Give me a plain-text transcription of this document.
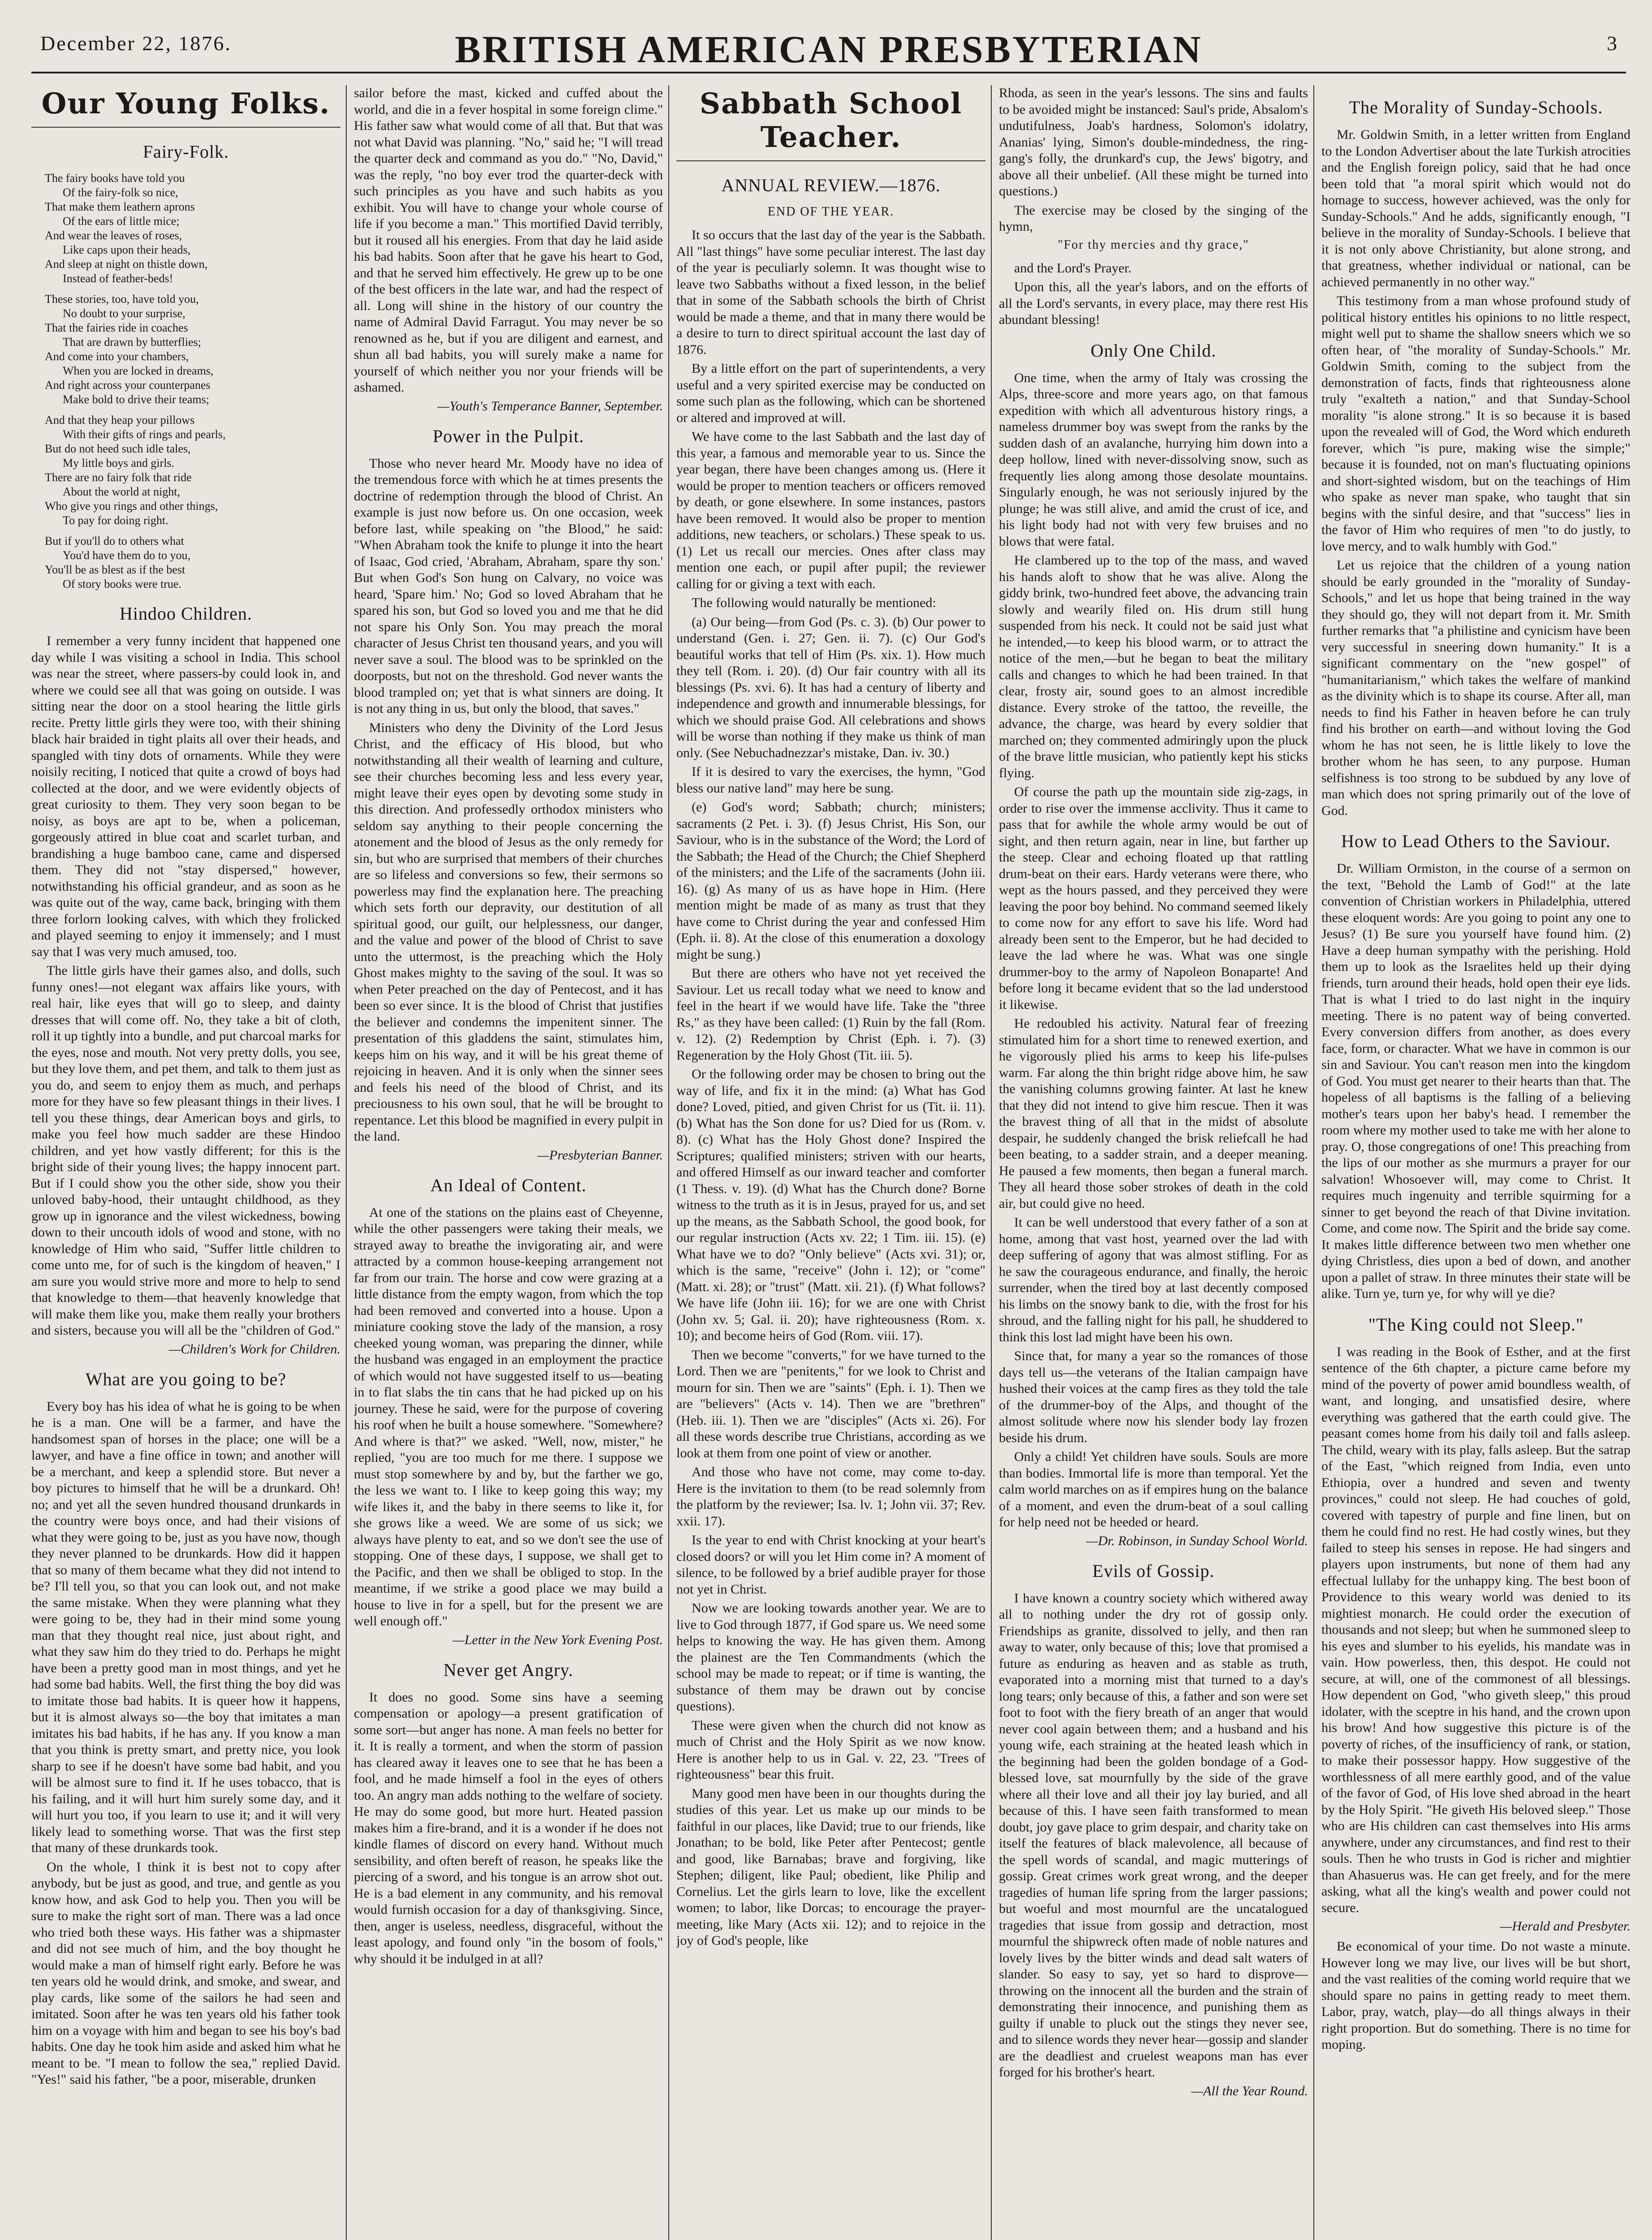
December 22, 1876.	BRITISH AMERICAN PRESBYTERIAN	3
Our Young Folks.
Fairy-Folk.
The fairy books have told you
Of the fairy-folk so nice,
That make them leathern aprons
Of the ears of little mice;
And wear the leaves of roses,
Like caps upon their heads,
And sleep at night on thistle down,
Instead of feather-beds!
These stories, too, have told you,
No doubt to your surprise,
That the fairies ride in coaches
That are drawn by butterflies;
And come into your chambers,
When you are locked in dreams,
And right across your counterpanes
Make bold to drive their teams;
And that they heap your pillows
With their gifts of rings and pearls,
But do not heed such idle tales,
My little boys and girls.
There are no fairy folk that ride
About the world at night,
Who give you rings and other things,
To pay for doing right.
But if you'll do to others what
You'd have them do to you,
You'll be as blest as if the best
Of story books were true.
Hindoo Children.

I remember a very funny incident that happened one day while I was visiting a school in India. This school was near the street, where passers-by could look in, and where we could see all that was going on outside. I was sitting near the door on a stool hearing the little girls recite. Pretty little girls they were too, with their shining black hair braided in tight plaits all over their heads, and spangled with tiny dots of ornaments. While they were noisily reciting, I noticed that quite a crowd of boys had collected at the door, and we were evidently objects of great curiosity to them. They very soon began to be noisy, as boys are apt to be, when a policeman, gorgeously attired in blue coat and scarlet turban, and brandishing a huge bamboo cane, came and dispersed them. They did not "stay dispersed," however, notwithstanding his official grandeur, and as soon as he was quite out of the way, came back, bringing with them three forlorn looking calves, with which they frolicked and played seeming to enjoy it immensely; and I must say that I was very much amused, too.

The little girls have their games also, and dolls, such funny ones!—not elegant wax affairs like yours, with real hair, like eyes that will go to sleep, and dainty dresses that will come off. No, they take a bit of cloth, roll it up tightly into a bundle, and put charcoal marks for the eyes, nose and mouth. Not very pretty dolls, you see, but they love them, and pet them, and talk to them just as you do, and seem to enjoy them as much, and perhaps more for they have so few pleasant things in their lives. I tell you these things, dear American boys and girls, to make you feel how much sadder are these Hindoo children, and yet how vastly different; for this is the bright side of their young lives; the happy innocent part. But if I could show you the other side, show you their unloved baby-hood, their untaught childhood, as they grow up in ignorance and the vilest wickedness, bowing down to their uncouth idols of wood and stone, with no knowledge of Him who said, "Suffer little children to come unto me, for of such is the kingdom of heaven," I am sure you would strive more and more to help to send that knowledge to them—that heavenly knowledge that will make them like you, make them really your brothers and sisters, because you will all be the "children of God."

—Children's Work for Children.
What are you going to be?

Every boy has his idea of what he is going to be when he is a man. One will be a farmer, and have the handsomest span of horses in the place; one will be a lawyer, and have a fine office in town; and another will be a merchant, and keep a splendid store. But never a boy pictures to himself that he will be a drunkard. Oh! no; and yet all the seven hundred thousand drunkards in the country were boys once, and had their visions of what they were going to be, just as you have now, though they never planned to be drunkards. How did it happen that so many of them became what they did not intend to be? I'll tell you, so that you can look out, and not make the same mistake. When they were planning what they were going to be, they had in their mind some young man that they thought real nice, just about right, and what they saw him do they tried to do. Perhaps he might have been a pretty good man in most things, and yet he had some bad habits. Well, the first thing the boy did was to imitate those bad habits. It is queer how it happens, but it is almost always so—the boy that imitates a man imitates his bad habits, if he has any. If you know a man that you think is pretty smart, and pretty nice, you look sharp to see if he doesn't have some bad habit, and you will be almost sure to find it. If he uses tobacco, that is his failing, and it will hurt him surely some day, and it will hurt you too, if you learn to use it; and it will very likely lead to something worse. That was the first step that many of these drunkards took.

On the whole, I think it is best not to copy after anybody, but be just as good, and true, and gentle as you know how, and ask God to help you. Then you will be sure to make the right sort of man. There was a lad once who tried both these ways. His father was a shipmaster and did not see much of him, and the boy thought he would make a man of himself right early. Before he was ten years old he would drink, and smoke, and swear, and play cards, like some of the sailors he had seen and imitated. Soon after he was ten years old his father took him on a voyage with him and began to see his boy's bad habits. One day he took him aside and asked him what he meant to be. "I mean to follow the sea," replied David. "Yes!" said his father, "be a poor, miserable, drunken

sailor before the mast, kicked and cuffed about the world, and die in a fever hospital in some foreign clime." His father saw what would come of all that. But that was not what David was planning. "No," said he; "I will tread the quarter deck and command as you do." "No, David," was the reply, "no boy ever trod the quarter-deck with such principles as you have and such habits as you exhibit. You will have to change your whole course of life if you become a man." This mortified David terribly, but it roused all his energies. From that day he laid aside his bad habits. Soon after that he gave his heart to God, and that he served him effectively. He grew up to be one of the best officers in the late war, and had the respect of all. Long will shine in the history of our country the name of Admiral David Farragut. You may never be so renowned as he, but if you are diligent and earnest, and shun all bad habits, you will surely make a name for yourself of which neither you nor your friends will be ashamed.

—Youth's Temperance Banner, September.
Power in the Pulpit.

Those who never heard Mr. Moody have no idea of the tremendous force with which he at times presents the doctrine of redemption through the blood of Christ. An example is just now before us. On one occasion, week before last, while speaking on "the Blood," he said: "When Abraham took the knife to plunge it into the heart of Isaac, God cried, 'Abraham, Abraham, spare thy son.' But when God's Son hung on Calvary, no voice was heard, 'Spare him.' No; God so loved Abraham that he spared his son, but God so loved you and me that he did not spare his Only Son. You may preach the moral character of Jesus Christ ten thousand years, and you will never save a soul. The blood was to be sprinkled on the doorposts, but not on the threshold. God never wants the blood trampled on; yet that is what sinners are doing. It is not any thing in us, but only the blood, that saves."

Ministers who deny the Divinity of the Lord Jesus Christ, and the efficacy of His blood, but who notwithstanding all their wealth of learning and culture, see their churches becoming less and less every year, might leave their eyes open by devoting some study in this direction. And professedly orthodox ministers who seldom say anything to their people concerning the atonement and the blood of Jesus as the only remedy for sin, but who are surprised that members of their churches are so lifeless and conversions so few, their sermons so powerless may find the explanation here. The preaching which sets forth our depravity, our destitution of all spiritual good, our guilt, our helplessness, our danger, and the value and power of the blood of Christ to save unto the uttermost, is the preaching which the Holy Ghost makes mighty to the saving of the soul. It was so when Peter preached on the day of Pentecost, and it has been so ever since. It is the blood of Christ that justifies the believer and condemns the impenitent sinner. The presentation of this gladdens the saint, stimulates him, keeps him on his way, and it will be his great theme of rejoicing in heaven. And it is only when the sinner sees and feels his need of the blood of Christ, and its preciousness to his own soul, that he will be brought to repentance. Let this blood be magnified in every pulpit in the land.

—Presbyterian Banner.
An Ideal of Content.

At one of the stations on the plains east of Cheyenne, while the other passengers were taking their meals, we strayed away to breathe the invigorating air, and were attracted by a common house-keeping arrangement not far from our train. The horse and cow were grazing at a little distance from the empty wagon, from which the top had been removed and converted into a house. Upon a miniature cooking stove the lady of the mansion, a rosy cheeked young woman, was preparing the dinner, while the husband was engaged in an employment the practice of which would not have suggested itself to us—beating in to flat slabs the tin cans that he had picked up on his journey. These he said, were for the purpose of covering his roof when he built a house somewhere. "Somewhere? And where is that?" we asked. "Well, now, mister," he replied, "you are too much for me there. I suppose we must stop somewhere by and by, but the farther we go, the less we want to. I like to keep going this way; my wife likes it, and the baby in there seems to like it, for she grows like a weed. We are some of us sick; we always have plenty to eat, and so we don't see the use of stopping. One of these days, I suppose, we shall get to the Pacific, and then we shall be obliged to stop. In the meantime, if we strike a good place we may build a house to live in for a spell, but for the present we are well enough off."

—Letter in the New York Evening Post.
Never get Angry.

It does no good. Some sins have a seeming compensation or apology—a present gratification of some sort—but anger has none. A man feels no better for it. It is really a torment, and when the storm of passion has cleared away it leaves one to see that he has been a fool, and he made himself a fool in the eyes of others too. An angry man adds nothing to the welfare of society. He may do some good, but more hurt. Heated passion makes him a fire-brand, and it is a wonder if he does not kindle flames of discord on every hand. Without much sensibility, and often bereft of reason, he speaks like the piercing of a sword, and his tongue is an arrow shot out. He is a bad element in any community, and his removal would furnish occasion for a day of thanksgiving. Since, then, anger is useless, needless, disgraceful, without the least apology, and found only "in the bosom of fools," why should it be indulged in at all?

Sabbath School Teacher.
ANNUAL REVIEW.—1876.
END OF THE YEAR.

It so occurs that the last day of the year is the Sabbath. All "last things" have some peculiar interest. The last day of the year is peculiarly solemn. It was thought wise to leave two Sabbaths without a fixed lesson, in the belief that in some of the Sabbath schools the birth of Christ would be made a theme, and that in many there would be a desire to turn to direct spiritual account the last day of 1876.

By a little effort on the part of superintendents, a very useful and a very spirited exercise may be conducted on some such plan as the following, which can be shortened or altered and improved at will.

We have come to the last Sabbath and the last day of this year, a famous and memorable year to us. Since the year began, there have been changes among us. (Here it would be proper to mention teachers or officers removed by death, or gone elsewhere. In some instances, pastors have been removed. It would also be proper to mention additions, new teachers, or scholars.) These speak to us. (1) Let us recall our mercies. Ones after class may mention one each, or pupil after pupil; the reviewer calling for or giving a text with each.

The following would naturally be mentioned:

(a) Our being—from God (Ps. c. 3). (b) Our power to understand (Gen. i. 27; Gen. ii. 7). (c) Our God's beautiful works that tell of Him (Ps. xix. 1). How much they tell (Rom. i. 20). (d) Our fair country with all its blessings (Ps. xvi. 6). It has had a century of liberty and independence and growth and innumerable blessings, for which we should praise God. All celebrations and shows will be worse than nothing if they make us think of man only. (See Nebuchadnezzar's mistake, Dan. iv. 30.)

If it is desired to vary the exercises, the hymn, "God bless our native land" may here be sung.

(e) God's word; Sabbath; church; ministers; sacraments (2 Pet. i. 3). (f) Jesus Christ, His Son, our Saviour, who is in the substance of the Word; the Lord of the Sabbath; the Head of the Church; the Chief Shepherd of the ministers; and the Life of the sacraments (John iii. 16). (g) As many of us as have hope in Him. (Here mention might be made of as many as trust that they have come to Christ during the year and confessed Him (Eph. ii. 8). At the close of this enumeration a doxology might be sung.)

But there are others who have not yet received the Saviour. Let us recall today what we need to know and feel in the heart if we would have life. Take the "three Rs," as they have been called: (1) Ruin by the fall (Rom. v. 12). (2) Redemption by Christ (Eph. i. 7). (3) Regeneration by the Holy Ghost (Tit. iii. 5).

Or the following order may be chosen to bring out the way of life, and fix it in the mind: (a) What has God done? Loved, pitied, and given Christ for us (Tit. ii. 11). (b) What has the Son done for us? Died for us (Rom. v. 8). (c) What has the Holy Ghost done? Inspired the Scriptures; qualified ministers; striven with our hearts, and offered Himself as our inward teacher and comforter (1 Thess. v. 19). (d) What has the Church done? Borne witness to the truth as it is in Jesus, prayed for us, and set up the means, as the Sabbath School, the good book, for our regular instruction (Acts xv. 22; 1 Tim. iii. 15). (e) What have we to do? "Only believe" (Acts xvi. 31); or, which is the same, "receive" (John i. 12); or "come" (Matt. xi. 28); or "trust" (Matt. xii. 21). (f) What follows? We have life (John iii. 16); for we are one with Christ (John xv. 5; Gal. ii. 20); have righteousness (Rom. x. 10); and become heirs of God (Rom. viii. 17).

Then we become "converts," for we have turned to the Lord. Then we are "penitents," for we look to Christ and mourn for sin. Then we are "saints" (Eph. i. 1). Then we are "believers" (Acts v. 14). Then we are "brethren" (Heb. iii. 1). Then we are "disciples" (Acts xi. 26). For all these words describe true Christians, according as we look at them from one point of view or another.

And those who have not come, may come to-day. Here is the invitation to them (to be read solemnly from the platform by the reviewer; Isa. lv. 1; John vii. 37; Rev. xxii. 17).

Is the year to end with Christ knocking at your heart's closed doors? or will you let Him come in? A moment of silence, to be followed by a brief audible prayer for those not yet in Christ.

Now we are looking towards another year. We are to live to God through 1877, if God spare us. We need some helps to knowing the way. He has given them. Among the plainest are the Ten Commandments (which the school may be made to repeat; or if time is wanting, the substance of them may be drawn out by concise questions).

These were given when the church did not know as much of Christ and the Holy Spirit as we now know. Here is another help to us in Gal. v. 22, 23. "Trees of righteousness" bear this fruit.

Many good men have been in our thoughts during the studies of this year. Let us make up our minds to be faithful in our places, like David; true to our friends, like Jonathan; to be bold, like Peter after Pentecost; gentle and good, like Barnabas; brave and forgiving, like Stephen; diligent, like Paul; obedient, like Philip and Cornelius. Let the girls learn to love, like the excellent women; to labor, like Dorcas; to encourage the prayer-meeting, like Mary (Acts xii. 12); and to rejoice in the joy of God's people, like

Rhoda, as seen in the year's lessons. The sins and faults to be avoided might be instanced: Saul's pride, Absalom's undutifulness, Joab's hardness, Solomon's idolatry, Ananias' lying, Simon's double-mindedness, the ring-gang's folly, the drunkard's cup, the Jews' bigotry, and above all their unbelief. (All these might be turned into questions.)

The exercise may be closed by the singing of the hymn,

"For thy mercies and thy grace,"

and the Lord's Prayer.

Upon this, all the year's labors, and on the efforts of all the Lord's servants, in every place, may there rest His abundant blessing!

Only One Child.

One time, when the army of Italy was crossing the Alps, three-score and more years ago, on that famous expedition with which all adventurous history rings, a nameless drummer boy was swept from the ranks by the sudden dash of an avalanche, hurrying him down into a deep hollow, lined with never-dissolving snow, such as frequently lies along among those desolate mountains. Singularly enough, he was not seriously injured by the plunge; he was still alive, and amid the crust of ice, and his light body had not with very few bruises and no blows that were fatal.

He clambered up to the top of the mass, and waved his hands aloft to show that he was alive. Along the giddy brink, two-hundred feet above, the advancing train slowly and wearily filed on. His drum still hung suspended from his neck. It could not be said just what he intended,—to keep his blood warm, or to attract the notice of the men,—but he began to beat the military calls and changes to which he had been trained. In that clear, frosty air, sound goes to an almost incredible distance. Every stroke of the tattoo, the reveille, the advance, the charge, was heard by every soldier that marched on; they commented admiringly upon the pluck of the brave little musician, who patiently kept his sticks flying.

Of course the path up the mountain side zig-zags, in order to rise over the immense acclivity. Thus it came to pass that for awhile the whole army would be out of sight, and then return again, near in line, but farther up the steep. Clear and echoing floated up that rattling drum-beat on their ears. Hardy veterans were there, who wept as the hours passed, and they perceived they were leaving the poor boy behind. No command seemed likely to come now for any effort to save his life. Word had already been sent to the Emperor, but he had decided to leave the lad where he was. What was one single drummer-boy to the army of Napoleon Bonaparte! And before long it became evident that so the lad understood it likewise.

He redoubled his activity. Natural fear of freezing stimulated him for a short time to renewed exertion, and he vigorously plied his arms to keep his life-pulses warm. Far along the thin bright ridge above him, he saw the vanishing columns growing fainter. At last he knew that they did not intend to give him rescue. Then it was the bravest thing of all that in the midst of absolute despair, he suddenly changed the brisk reliefcall he had been beating, to a sadder strain, and a deeper meaning. He paused a few moments, then began a funeral march. They all heard those sober strokes of death in the cold air, but could give no heed.

It can be well understood that every father of a son at home, among that vast host, yearned over the lad with deep suffering of agony that was almost stifling. For as he saw the courageous endurance, and finally, the heroic surrender, when the tired boy at last decently composed his limbs on the snowy bank to die, with the frost for his shroud, and the falling night for his pall, he shuddered to think this lost lad might have been his own.

Since that, for many a year so the romances of those days tell us—the veterans of the Italian campaign have hushed their voices at the camp fires as they told the tale of the drummer-boy of the Alps, and thought of the almost solitude where now his slender body lay frozen beside his drum.

Only a child! Yet children have souls. Souls are more than bodies. Immortal life is more than temporal. Yet the calm world marches on as if empires hung on the balance of a moment, and even the drum-beat of a soul calling for help need not be heeded or heard.

—Dr. Robinson, in Sunday School World.
Evils of Gossip.

I have known a country society which withered away all to nothing under the dry rot of gossip only. Friendships as granite, dissolved to jelly, and then ran away to water, only because of this; love that promised a future as enduring as heaven and as stable as truth, evaporated into a morning mist that turned to a day's long tears; only because of this, a father and son were set foot to foot with the fiery breath of an anger that would never cool again between them; and a husband and his young wife, each straining at the heated leash which in the beginning had been the golden bondage of a God-blessed love, sat mournfully by the side of the grave where all their love and all their joy lay buried, and all because of this. I have seen faith transformed to mean doubt, joy gave place to grim despair, and charity take on itself the features of black malevolence, all because of the spell words of scandal, and magic mutterings of gossip. Great crimes work great wrong, and the deeper tragedies of human life spring from the larger passions; but woeful and most mournful are the uncatalogued tragedies that issue from gossip and detraction, most mournful the shipwreck often made of noble natures and lovely lives by the bitter winds and dead salt waters of slander. So easy to say, yet so hard to disprove—throwing on the innocent all the burden and the strain of demonstrating their innocence, and punishing them as guilty if unable to pluck out the stings they never see, and to silence words they never hear—gossip and slander are the deadliest and cruelest weapons man has ever forged for his brother's heart.

—All the Year Round.
The Morality of Sunday-Schools.

Mr. Goldwin Smith, in a letter written from England to the London Advertiser about the late Turkish atrocities and the English foreign policy, said that he had once been told that "a moral spirit which would not do homage to success, however achieved, was the only for Sunday-Schools." And he adds, significantly enough, "I believe in the morality of Sunday-Schools. I believe that it is not only above Christianity, but alone strong, and that greatness, whether individual or national, can be achieved permanently in no other way."

This testimony from a man whose profound study of political history entitles his opinions to no little respect, might well put to shame the shallow sneers which we so often hear, of "the morality of Sunday-Schools." Mr. Goldwin Smith, coming to the subject from the demonstration of facts, finds that righteousness alone truly "exalteth a nation," and that Sunday-School morality "is alone strong." It is so because it is based upon the revealed will of God, the Word which endureth forever, which "is pure, making wise the simple;" because it is founded, not on man's fluctuating opinions and short-sighted wisdom, but on the teachings of Him who spake as never man spake, who taught that sin begins with the sinful desire, and that "success" lies in the favor of Him who requires of men "to do justly, to love mercy, and to walk humbly with God."

Let us rejoice that the children of a young nation should be early grounded in the "morality of Sunday-Schools," and let us hope that being trained in the way they should go, they will not depart from it. Mr. Smith further remarks that "a philistine and cynicism have been very successful in sneering down humanity." It is a significant commentary on the "new gospel" of "humanitarianism," which takes the welfare of mankind as the divinity which is to shape its course. After all, man needs to find his Father in heaven before he can truly find his brother on earth—and without loving the God whom he has not seen, he is little likely to love the brother whom he has seen, to any purpose. Human selfishness is too strong to be subdued by any love of man which does not spring primarily out of the love of God.

How to Lead Others to the Saviour.

Dr. William Ormiston, in the course of a sermon on the text, "Behold the Lamb of God!" at the late convention of Christian workers in Philadelphia, uttered these eloquent words: Are you going to point any one to Jesus? (1) Be sure you yourself have found him. (2) Have a deep human sympathy with the perishing. Hold them up to look as the Israelites held up their dying friends, turn around their heads, hold open their eye lids. That is what I tried to do last night in the inquiry meeting. There is no patent way of being converted. Every conversion differs from another, as does every face, form, or character. What we have in common is our sin and Saviour. You can't reason men into the kingdom of God. You must get nearer to their hearts than that. The hopeless of all baptisms is the falling of a believing mother's tears upon her baby's head. I remember the room where my mother used to take me with her alone to pray. O, those congregations of one! This preaching from the lips of our mother as she murmurs a prayer for our salvation! Whosoever will, may come to Christ. It requires much ingenuity and terrible squirming for a sinner to get beyond the reach of that Divine invitation. Come, and come now. The Spirit and the bride say come. It makes little difference between two men whether one dying Christless, dies upon a bed of down, and another upon a pallet of straw. In three minutes their state will be alike. Turn ye, turn ye, for why will ye die?

"The King could not Sleep."

I was reading in the Book of Esther, and at the first sentence of the 6th chapter, a picture came before my mind of the poverty of power amid boundless wealth, of want, and longing, and unsatisfied desire, where everything was gathered that the earth could give. The peasant comes home from his daily toil and falls asleep. The child, weary with its play, falls asleep. But the satrap of the East, "which reigned from India, even unto Ethiopia, over a hundred and seven and twenty provinces," could not sleep. He had couches of gold, covered with tapestry of purple and fine linen, but on them he could find no rest. He had costly wines, but they failed to steep his senses in repose. He had singers and players upon instruments, but none of them had any effectual lullaby for the unhappy king. The best boon of Providence to this weary world was denied to its mightiest monarch. He could order the execution of thousands and not sleep; but when he summoned sleep to his eyes and slumber to his eyelids, his mandate was in vain. How powerless, then, this despot. He could not secure, at will, one of the commonest of all blessings. How dependent on God, "who giveth sleep," this proud idolater, with the sceptre in his hand, and the crown upon his brow! And how suggestive this picture is of the poverty of riches, of the insufficiency of rank, or station, to make their possessor happy. How suggestive of the worthlessness of all mere earthly good, and of the value of the favor of God, of His love shed abroad in the heart by the Holy Spirit. "He giveth His beloved sleep." Those who are His children can cast themselves into His arms anywhere, under any circumstances, and find rest to their souls. Then he who trusts in God is richer and mightier than Ahasuerus was. He can get freely, and for the mere asking, what all the king's wealth and power could not secure.

—Herald and Presbyter.

Be economical of your time. Do not waste a minute. However long we may live, our lives will be but short, and the vast realities of the coming world require that we should spare no pains in getting ready to meet them. Labor, pray, watch, play—do all things always in their right proportion. But do something. There is no time for moping.
